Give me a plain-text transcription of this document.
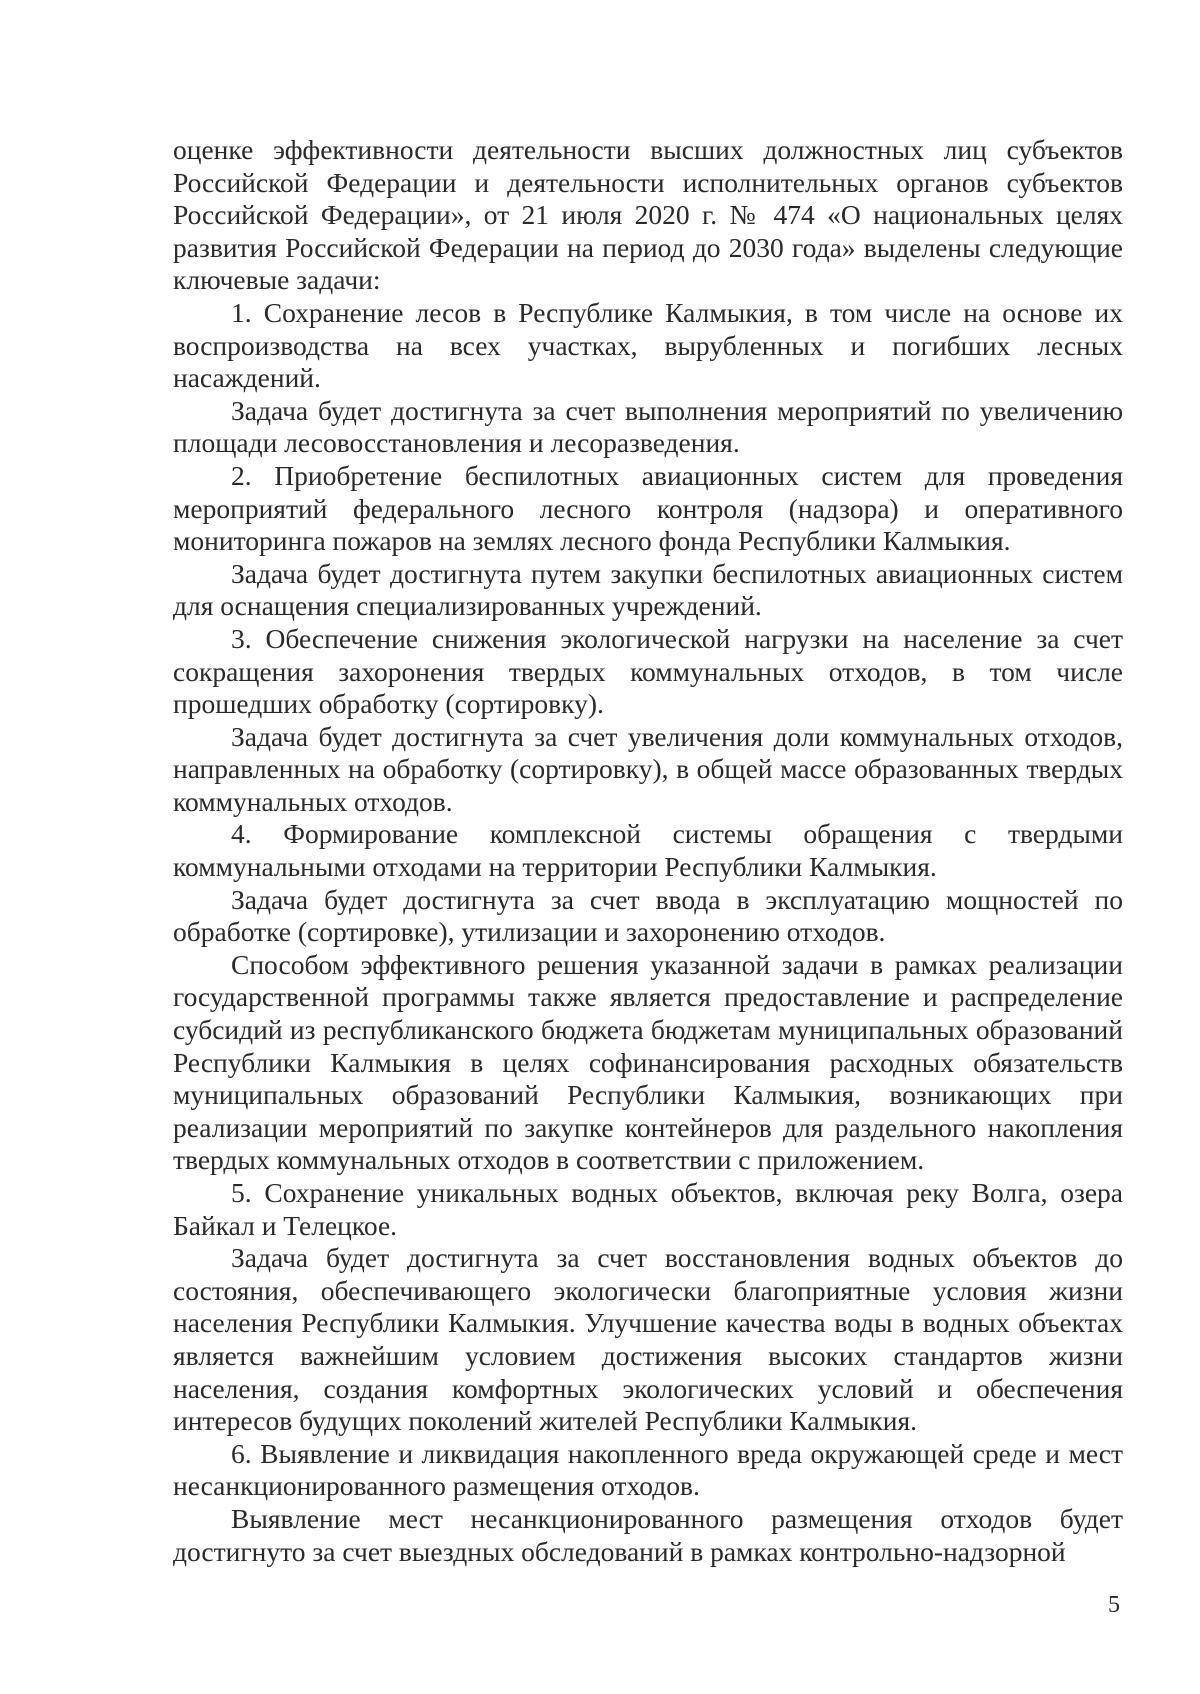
оценке эффективности деятельности высших должностных лиц субъектов Российской Федерации и деятельности исполнительных органов субъектов Российской Федерации», от 21 июля 2020 г. № 474 «О национальных целях развития Российской Федерации на период до 2030 года» выделены следующие ключевые задачи:

1. Сохранение лесов в Республике Калмыкия, в том числе на основе их воспроизводства на всех участках, вырубленных и погибших лесных насаждений.

Задача будет достигнута за счет выполнения мероприятий по увеличению площади лесовосстановления и лесоразведения.

2. Приобретение беспилотных авиационных систем для проведения мероприятий федерального лесного контроля (надзора) и оперативного мониторинга пожаров на землях лесного фонда Республики Калмыкия.

Задача будет достигнута путем закупки беспилотных авиационных систем для оснащения специализированных учреждений.

3. Обеспечение снижения экологической нагрузки на население за счет сокращения захоронения твердых коммунальных отходов, в том числе прошедших обработку (сортировку).

Задача будет достигнута за счет увеличения доли коммунальных отходов, направленных на обработку (сортировку), в общей массе образованных твердых коммунальных отходов.

4. Формирование комплексной системы обращения с твердыми коммунальными отходами на территории Республики Калмыкия.

Задача будет достигнута за счет ввода в эксплуатацию мощностей по обработке (сортировке), утилизации и захоронению отходов.

Способом эффективного решения указанной задачи в рамках реализации государственной программы также является предоставление и распределение субсидий из республиканского бюджета бюджетам муниципальных образований Республики Калмыкия в целях софинансирования расходных обязательств муниципальных образований Республики Калмыкия, возникающих при реализации мероприятий по закупке контейнеров для раздельного накопления твердых коммунальных отходов в соответствии с приложением.

5. Сохранение уникальных водных объектов, включая реку Волга, озера Байкал и Телецкое.

Задача будет достигнута за счет восстановления водных объектов до состояния, обеспечивающего экологически благоприятные условия жизни населения Республики Калмыкия. Улучшение качества воды в водных объектах является важнейшим условием достижения высоких стандартов жизни населения, создания комфортных экологических условий и обеспечения интересов будущих поколений жителей Республики Калмыкия.

6. Выявление и ликвидация накопленного вреда окружающей среде и мест несанкционированного размещения отходов.

Выявление мест несанкционированного размещения отходов будет достигнуто за счет выездных обследований в рамках контрольно-надзорной

5
